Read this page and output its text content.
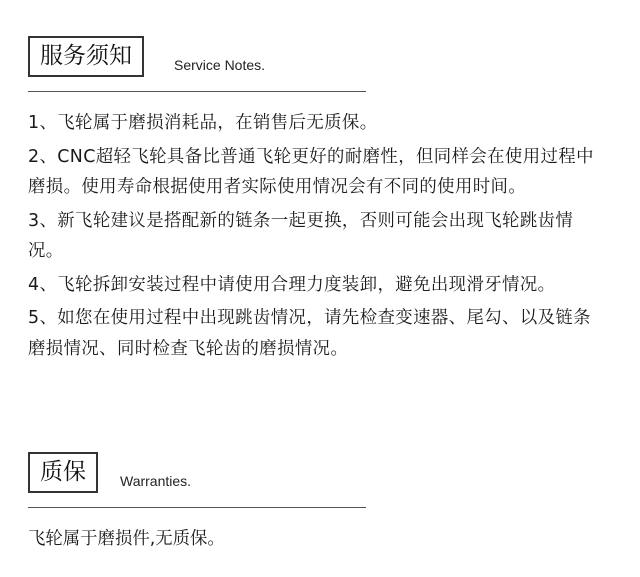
服务须知	Service Notes.

1、飞轮属于磨损消耗品，在销售后无质保。

2、CNC超轻飞轮具备比普通飞轮更好的耐磨性，但同样会在使用过程中磨损。使用寿命根据使用者实际使用情况会有不同的使用时间。

3、新飞轮建议是搭配新的链条一起更换，否则可能会出现飞轮跳齿情况。

4、飞轮拆卸安装过程中请使用合理力度装卸，避免出现滑牙情况。

5、如您在使用过程中出现跳齿情况，请先检查变速器、尾勾、以及链条磨损情况、同时检查飞轮齿的磨损情况。

质保	Warranties.
飞轮属于磨损件,无质保。
